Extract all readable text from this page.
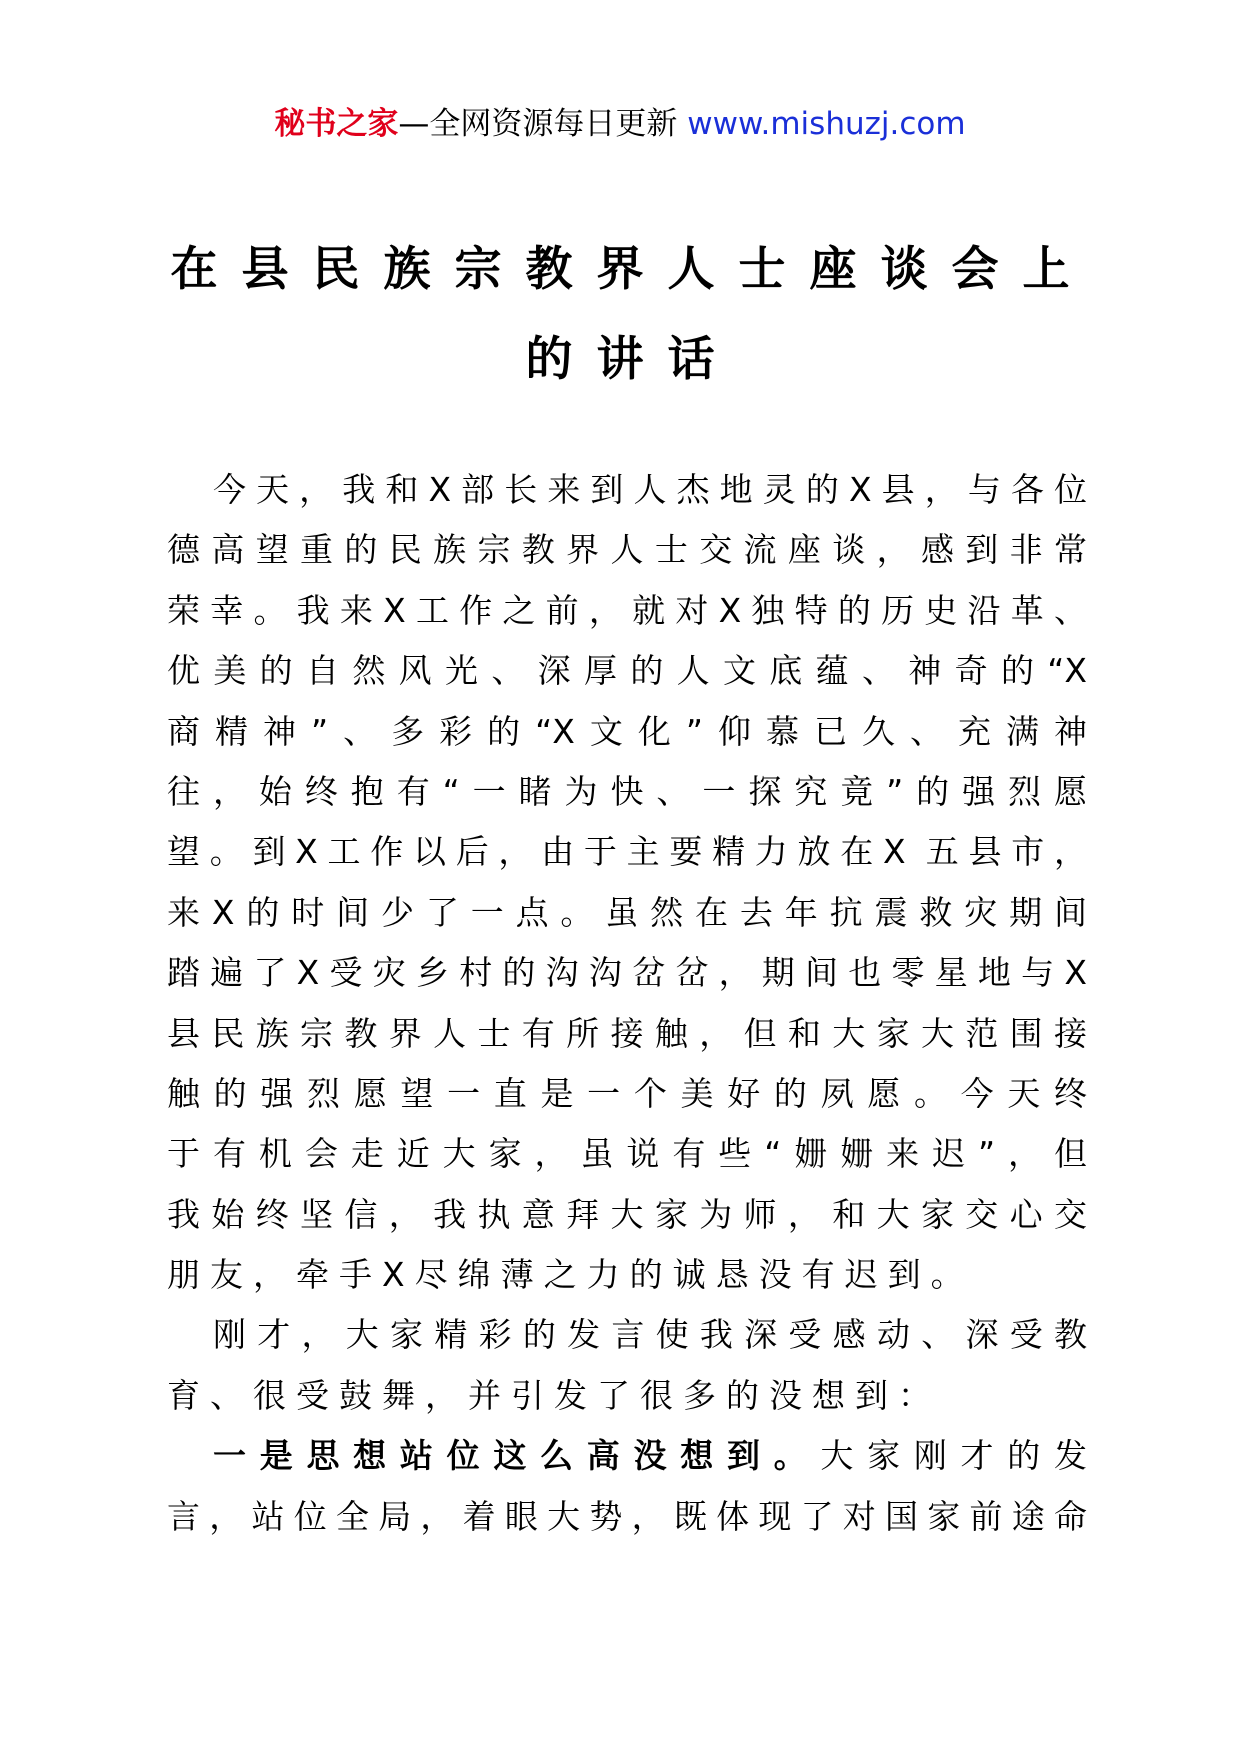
秘书之家—全网资源每日更新 www.mishuzj.com
在县民族宗教界人士座谈会上
的讲话
今天，我和X部长来到人杰地灵的X县，与各位
德高望重的民族宗教界人士交流座谈，感到非常
荣幸。我来X工作之前，就对X独特的历史沿革、
优美的自然风光、深厚的人文底蕴、神奇的“X
商精神”、多彩的“X文化”仰慕已久、充满神
往，始终抱有“一睹为快、一探究竟”的强烈愿
望。到X工作以后，由于主要精力放在X 五县市，
来X的时间少了一点。虽然在去年抗震救灾期间
踏遍了X受灾乡村的沟沟岔岔，期间也零星地与X
县民族宗教界人士有所接触，但和大家大范围接
触的强烈愿望一直是一个美好的夙愿。今天终
于有机会走近大家，虽说有些“姗姗来迟”，但
我始终坚信，我执意拜大家为师，和大家交心交
朋友，牵手X尽绵薄之力的诚恳没有迟到。
刚才，大家精彩的发言使我深受感动、深受教
育、很受鼓舞，并引发了很多的没想到：
一是思想站位这么高没想到。大家刚才的发
言，站位全局，着眼大势，既体现了对国家前途命
